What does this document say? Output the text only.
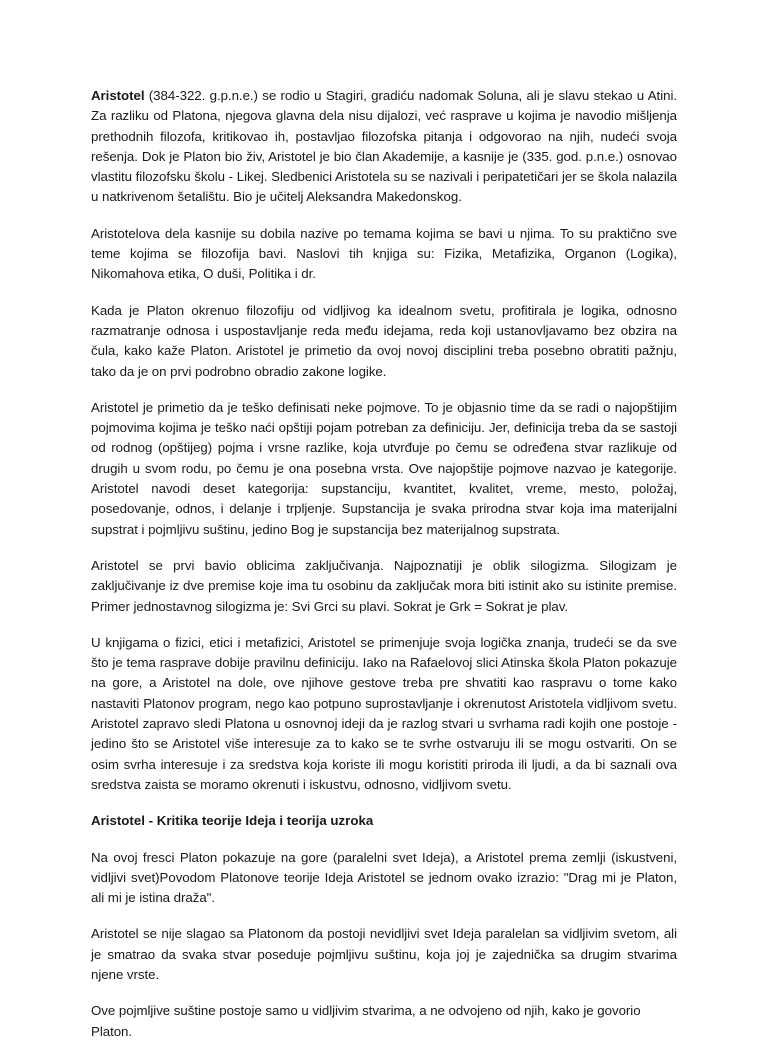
Aristotel (384-322. g.p.n.e.) se rodio u Stagiri, gradiću nadomak Soluna, ali je slavu stekao u Atini. Za razliku od Platona, njegova glavna dela nisu dijalozi, već rasprave u kojima je navodio mišljenja prethodnih filozofa, kritikovao ih, postavljao filozofska pitanja i odgovorao na njih, nudeći svoja rešenja. Dok je Platon bio živ, Aristotel je bio član Akademije, a kasnije je (335. god. p.n.e.) osnovao vlastitu filozofsku školu - Likej. Sledbenici Aristotela su se nazivali i peripatetičari jer se škola nalazila u natkrivenom šetalištu. Bio je učitelj Aleksandra Makedonskog.

Aristotelova dela kasnije su dobila nazive po temama kojima se bavi u njima. To su praktično sve teme kojima se filozofija bavi. Naslovi tih knjiga su: Fizika, Metafizika, Organon (Logika), Nikomahova etika, O duši, Politika i dr.

Kada je Platon okrenuo filozofiju od vidljivog ka idealnom svetu, profitirala je logika, odnosno razmatranje odnosa i uspostavljanje reda među idejama, reda koji ustanovljavamo bez obzira na čula, kako kaže Platon. Aristotel je primetio da ovoj novoj disciplini treba posebno obratiti pažnju, tako da je on prvi podrobno obradio zakone logike.

Aristotel je primetio da je teško definisati neke pojmove. To je objasnio time da se radi o najopštijim pojmovima kojima je teško naći opštiji pojam potreban za definiciju. Jer, definicija treba da se sastoji od rodnog (opštijeg) pojma i vrsne razlike, koja utvrđuje po čemu se određena stvar razlikuje od drugih u svom rodu, po čemu je ona posebna vrsta. Ove najopštije pojmove nazvao je kategorije. Aristotel navodi deset kategorija: supstanciju, kvantitet, kvalitet, vreme, mesto, položaj, posedovanje, odnos, i delanje i trpljenje. Supstancija je svaka prirodna stvar koja ima materijalni supstrat i pojmljivu suštinu, jedino Bog je supstancija bez materijalnog supstrata.

Aristotel se prvi bavio oblicima zaključivanja. Najpoznatiji je oblik silogizma. Silogizam je zaključivanje iz dve premise koje ima tu osobinu da zaključak mora biti istinit ako su istinite premise. Primer jednostavnog silogizma je: Svi Grci su plavi. Sokrat je Grk = Sokrat je plav.

U knjigama o fizici, etici i metafizici, Aristotel se primenjuje svoja logička znanja, trudeći se da sve što je tema rasprave dobije pravilnu definiciju. Iako na Rafaelovoj slici Atinska škola Platon pokazuje na gore, a Aristotel na dole, ove njihove gestove treba pre shvatiti kao raspravu o tome kako nastaviti Platonov program, nego kao potpuno suprostavljanje i okrenutost Aristotela vidljivom svetu. Aristotel zapravo sledi Platona u osnovnoj ideji da je razlog stvari u svrhama radi kojih one postoje - jedino što se Aristotel više interesuje za to kako se te svrhe ostvaruju ili se mogu ostvariti. On se osim svrha interesuje i za sredstva koja koriste ili mogu koristiti priroda ili ljudi, a da bi saznali ova sredstva zaista se moramo okrenuti i iskustvu, odnosno, vidljivom svetu.

Aristotel - Kritika teorije Ideja i teorija uzroka

Na ovoj fresci Platon pokazuje na gore (paralelni svet Ideja), a Aristotel prema zemlji (iskustveni, vidljivi svet)Povodom Platonove teorije Ideja Aristotel se jednom ovako izrazio: "Drag mi je Platon, ali mi je istina draža".

Aristotel se nije slagao sa Platonom da postoji nevidljivi svet Ideja paralelan sa vidljivim svetom, ali je smatrao da svaka stvar poseduje pojmljivu suštinu, koja joj je zajednička sa drugim stvarima njene vrste.

Ove pojmljive suštine postoje samo u vidljivim stvarima, a ne odvojeno od njih, kako je govorio Platon.
